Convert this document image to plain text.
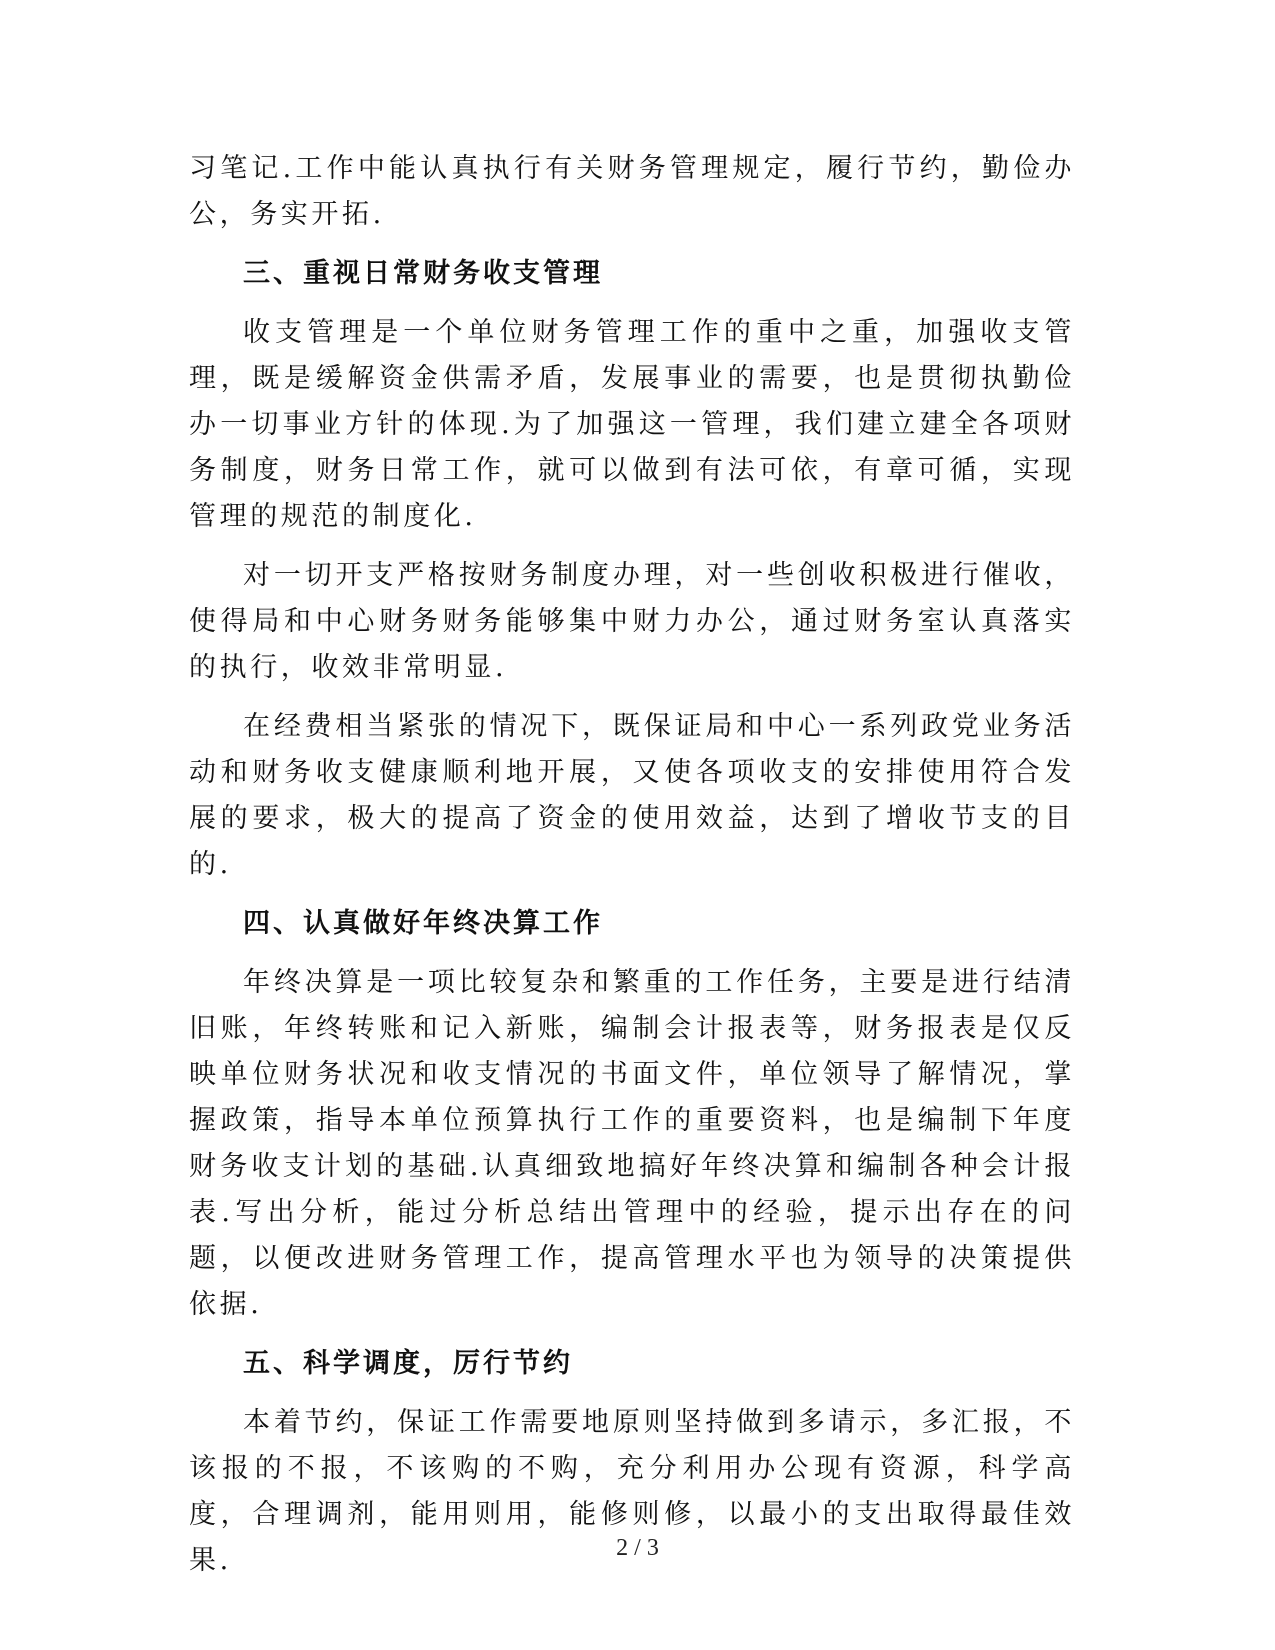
习笔记.工作中能认真执行有关财务管理规定，履行节约，勤俭办公，务实开拓.

三、重视日常财务收支管理

收支管理是一个单位财务管理工作的重中之重，加强收支管理，既是缓解资金供需矛盾，发展事业的需要，也是贯彻执勤俭办一切事业方针的体现.为了加强这一管理，我们建立建全各项财务制度，财务日常工作，就可以做到有法可依，有章可循，实现管理的规范的制度化.

对一切开支严格按财务制度办理，对一些创收积极进行催收，使得局和中心财务财务能够集中财力办公，通过财务室认真落实的执行，收效非常明显.

在经费相当紧张的情况下，既保证局和中心一系列政党业务活动和财务收支健康顺利地开展，又使各项收支的安排使用符合发展的要求，极大的提高了资金的使用效益，达到了增收节支的目的.

四、认真做好年终决算工作

年终决算是一项比较复杂和繁重的工作任务，主要是进行结清旧账，年终转账和记入新账，编制会计报表等，财务报表是仅反映单位财务状况和收支情况的书面文件，单位领导了解情况，掌握政策，指导本单位预算执行工作的重要资料，也是编制下年度财务收支计划的基础.认真细致地搞好年终决算和编制各种会计报表.写出分析，能过分析总结出管理中的经验，提示出存在的问题，以便改进财务管理工作，提高管理水平也为领导的决策提供依据.

五、科学调度，厉行节约

本着节约，保证工作需要地原则坚持做到多请示，多汇报，不该报的不报，不该购的不购，充分利用办公现有资源，科学高度，合理调剂，能用则用，能修则修，以最小的支出取得最佳效果.	2 / 3
